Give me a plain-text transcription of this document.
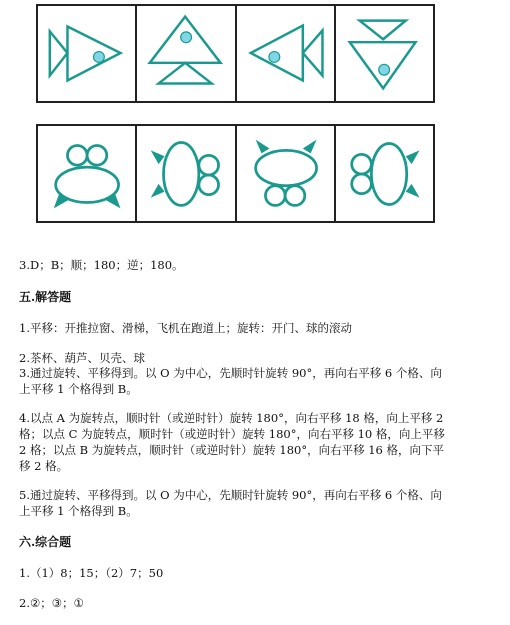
3.D；B；顺；180；逆；180。
五.解答题
1.平移：开推拉窗、滑梯，飞机在跑道上；旋转：开门、球的滚动
2.茶杯、葫芦、贝壳、球
3.通过旋转、平移得到。以 O 为中心，先顺时针旋转 90°，再向右平移 6 个格、向
上平移 1 个格得到 B。
4.以点 A 为旋转点，顺时针（或逆时针）旋转 180°，向右平移 18 格，向上平移 2
格；以点 C 为旋转点，顺时针（或逆时针）旋转 180°，向右平移 10 格，向上平移
2 格；以点 B 为旋转点，顺时针（或逆时针）旋转 180°，向右平移 16 格，向下平
移 2 格。
5.通过旋转、平移得到。以 O 为中心，先顺时针旋转 90°，再向右平移 6 个格、向
上平移 1 个格得到 B。
六.综合题
1.（1）8；15；（2）7；50
2.②；③；①
